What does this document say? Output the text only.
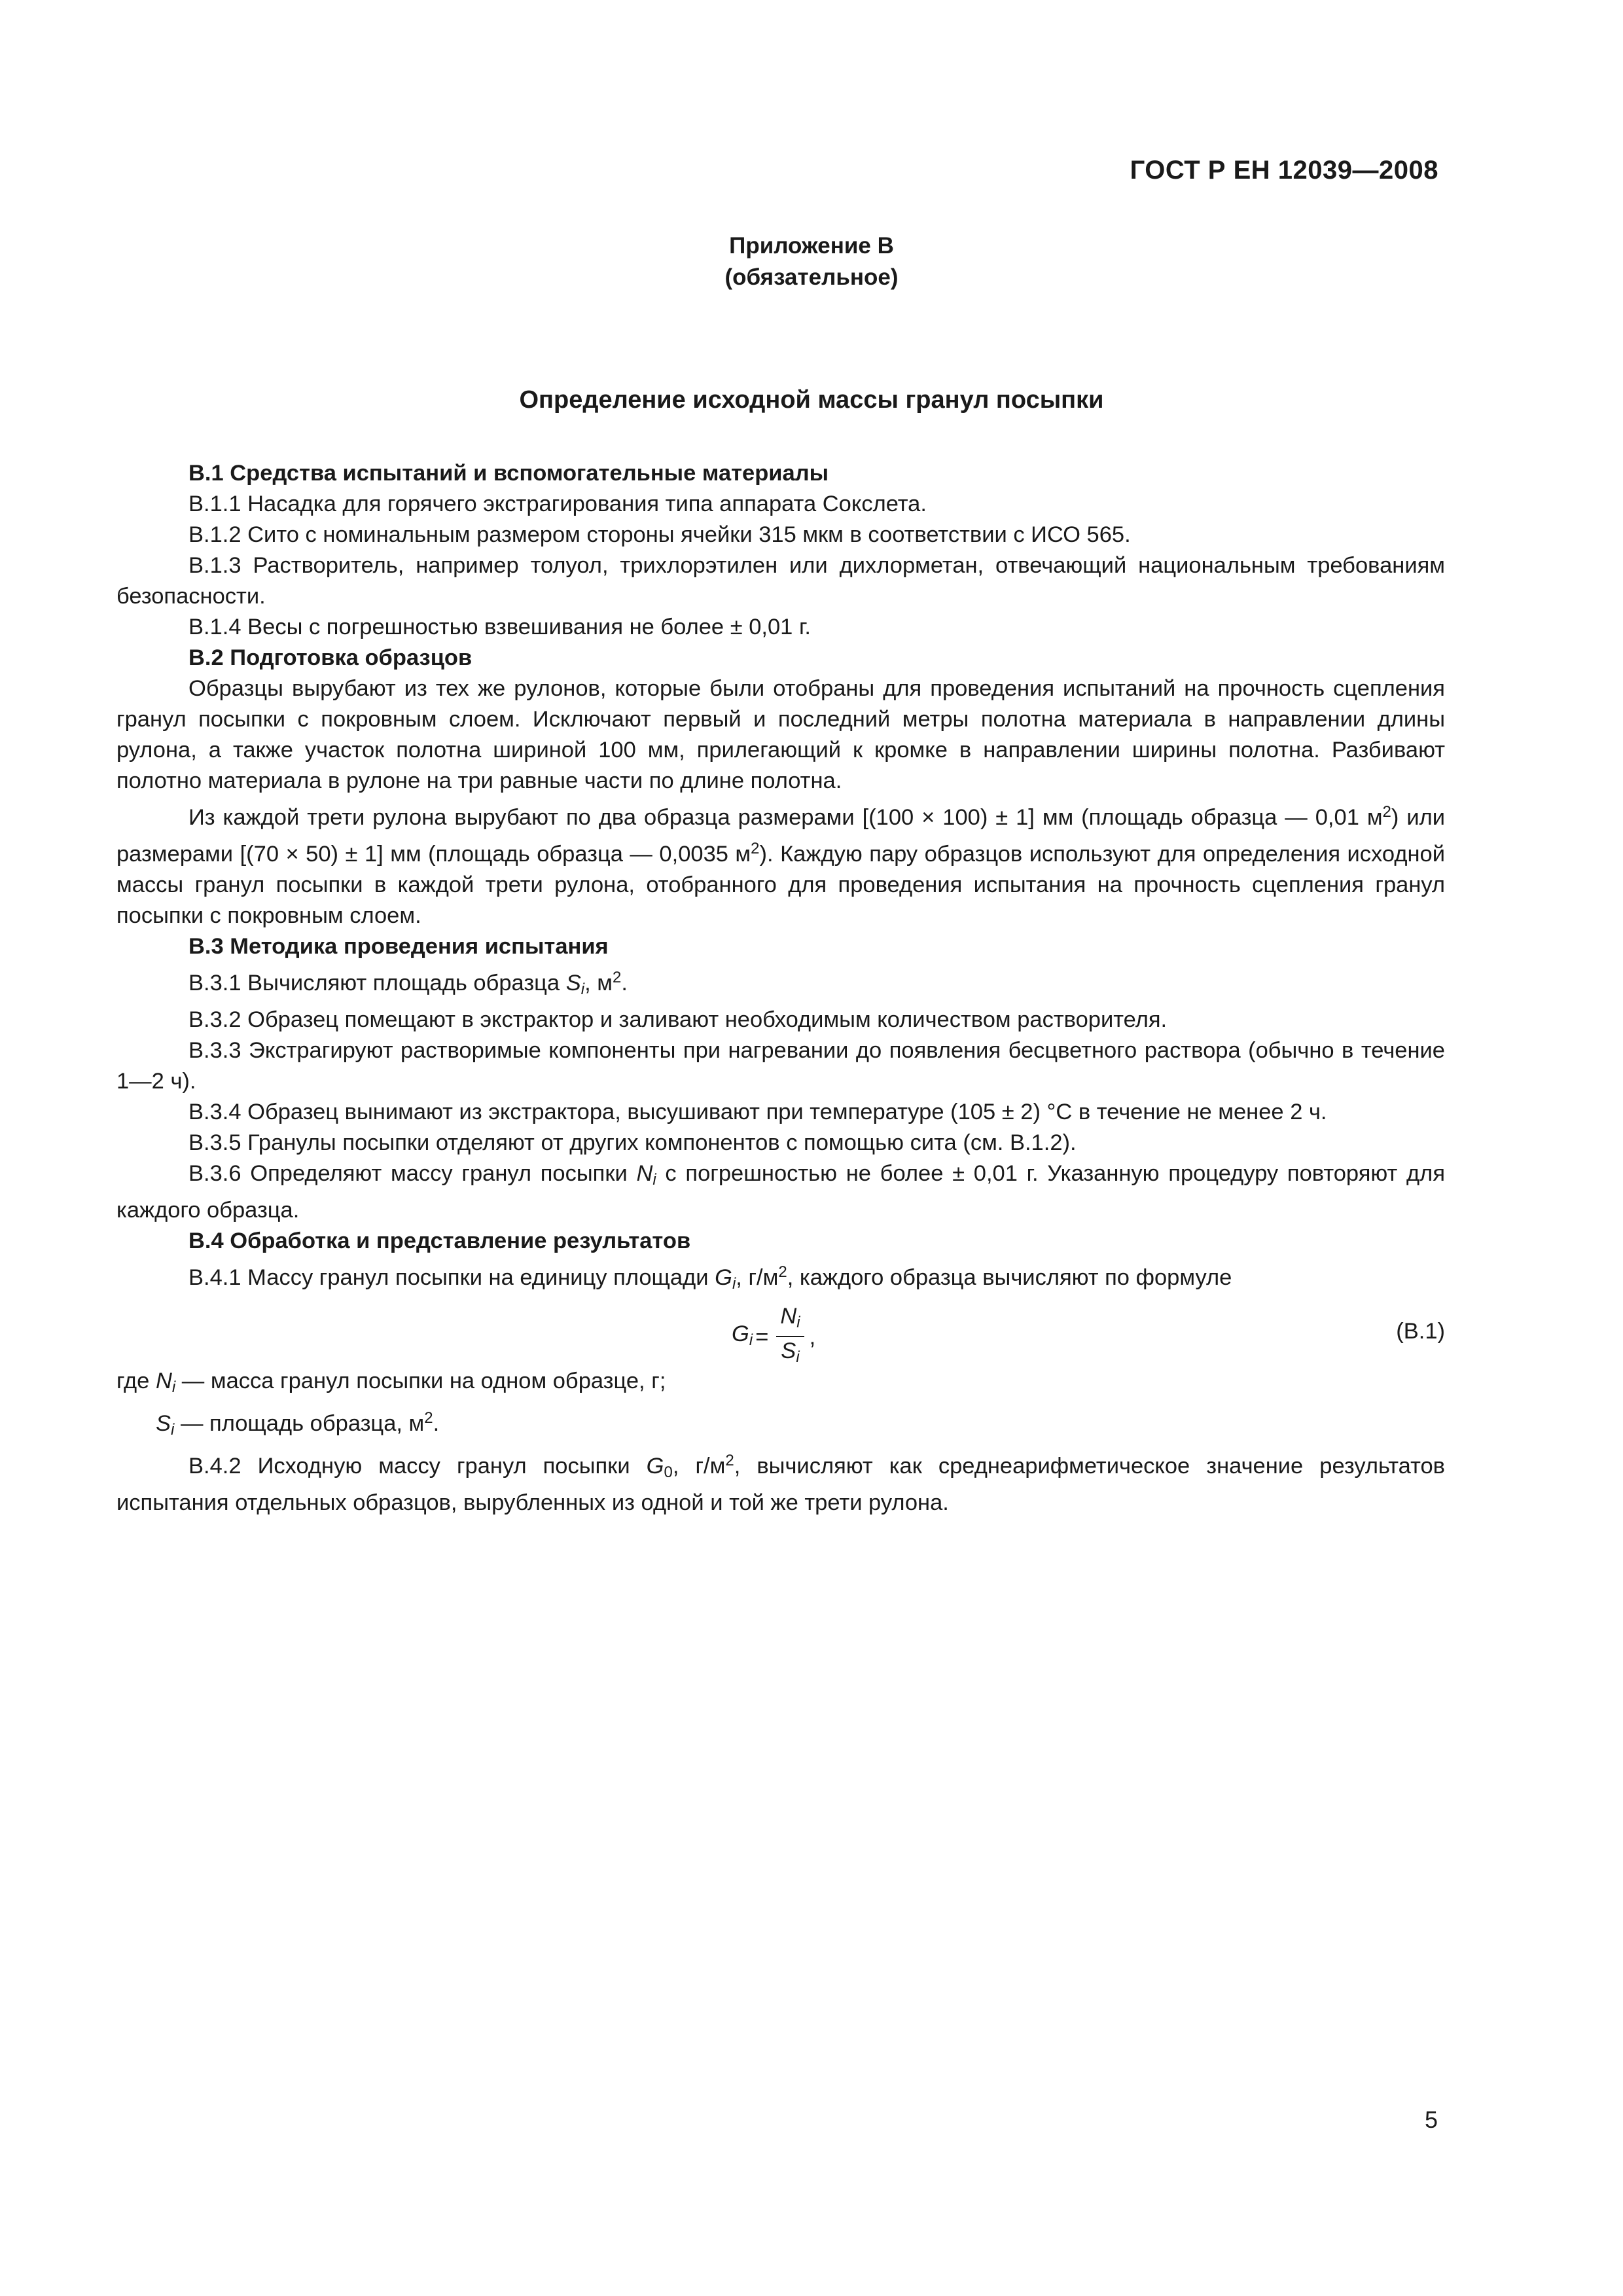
ГОСТ Р ЕН 12039—2008
Приложение В
(обязательное)
Определение исходной массы гранул посыпки

В.1 Средства испытаний и вспомогательные материалы

В.1.1 Насадка для горячего экстрагирования типа аппарата Сокслета.

В.1.2 Сито с номинальным размером стороны ячейки 315 мкм в соответствии с ИСО 565.

В.1.3 Растворитель, например толуол, трихлорэтилен или дихлорметан, отвечающий национальным требованиям безопасности.

В.1.4 Весы с погрешностью взвешивания не более ± 0,01 г.

В.2 Подготовка образцов

Образцы вырубают из тех же рулонов, которые были отобраны для проведения испытаний на прочность сцепления гранул посыпки с покровным слоем. Исключают первый и последний метры полотна материала в направлении длины рулона, а также участок полотна шириной 100 мм, прилегающий к кромке в направлении ширины полотна. Разбивают полотно материала в рулоне на три равные части по длине полотна.

Из каждой трети рулона вырубают по два образца размерами [(100 × 100) ± 1] мм (площадь образца — 0,01 $м^2$) или размерами [(70 × 50) ± 1] мм (площадь образца — 0,0035 $м^2$). Каждую пару образцов используют для определения исходной массы гранул посыпки в каждой трети рулона, отобранного для проведения испытания на прочность сцепления гранул посыпки с покровным слоем.

В.3 Методика проведения испытания

В.3.1 Вычисляют площадь образца $S_i$, $м^2$.

В.3.2 Образец помещают в экстрактор и заливают необходимым количеством растворителя.

В.3.3 Экстрагируют растворимые компоненты при нагревании до появления бесцветного раствора (обычно в течение 1—2 ч).

В.3.4 Образец вынимают из экстрактора, высушивают при температуре (105 ± 2) °C в течение не менее 2 ч.

В.3.5 Гранулы посыпки отделяют от других компонентов с помощью сита (см. В.1.2).

В.3.6 Определяют массу гранул посыпки $N_i$ с погрешностью не более ± 0,01 г. Указанную процедуру повторяют для каждого образца.

В.4 Обработка и представление результатов

В.4.1 Массу гранул посыпки на единицу площади $G_i$, $г/м^2$, каждого образца вычисляют по формуле

$G_i = \frac{N_i}{S_i}$ ,	(В.1)

где $N_i$ — масса гранул посыпки на одном образце, г;

$S_i$ — площадь образца, $м^2$.

В.4.2 Исходную массу гранул посыпки $G_0$, $г/м^2$, вычисляют как среднеарифметическое значение результатов испытания отдельных образцов, вырубленных из одной и той же трети рулона.

5
